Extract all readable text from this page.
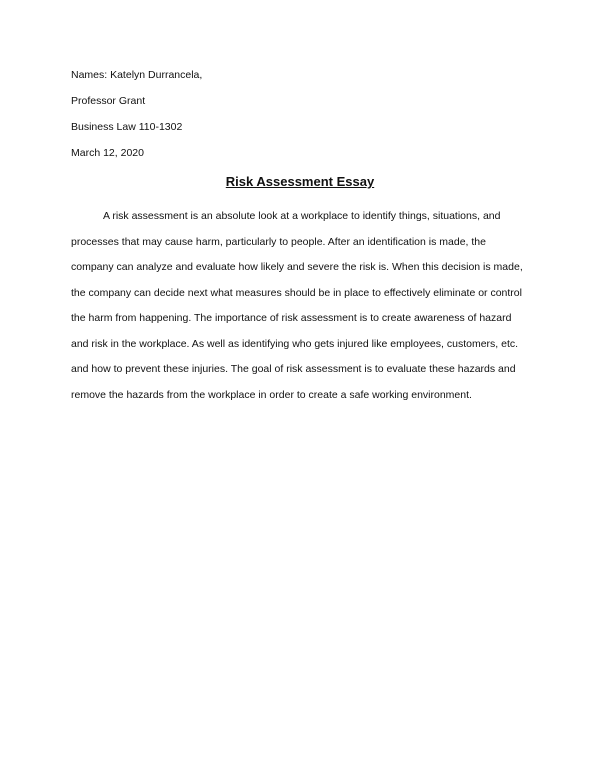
Names: Katelyn Durrancela,

Professor Grant

Business Law 110-1302

March 12, 2020

Risk Assessment Essay

A risk assessment is an absolute look at a workplace to identify things, situations, and processes that may cause harm, particularly to people. After an identification is made, the company can analyze and evaluate how likely and severe the risk is. When this decision is made, the company can decide next what measures should be in place to effectively eliminate or control the harm from happening. The importance of risk assessment is to create awareness of hazard and risk in the workplace. As well as identifying who gets injured like employees, customers, etc. and how to prevent these injuries. The goal of risk assessment is to evaluate these hazards and remove the hazards from the workplace in order to create a safe working environment.
